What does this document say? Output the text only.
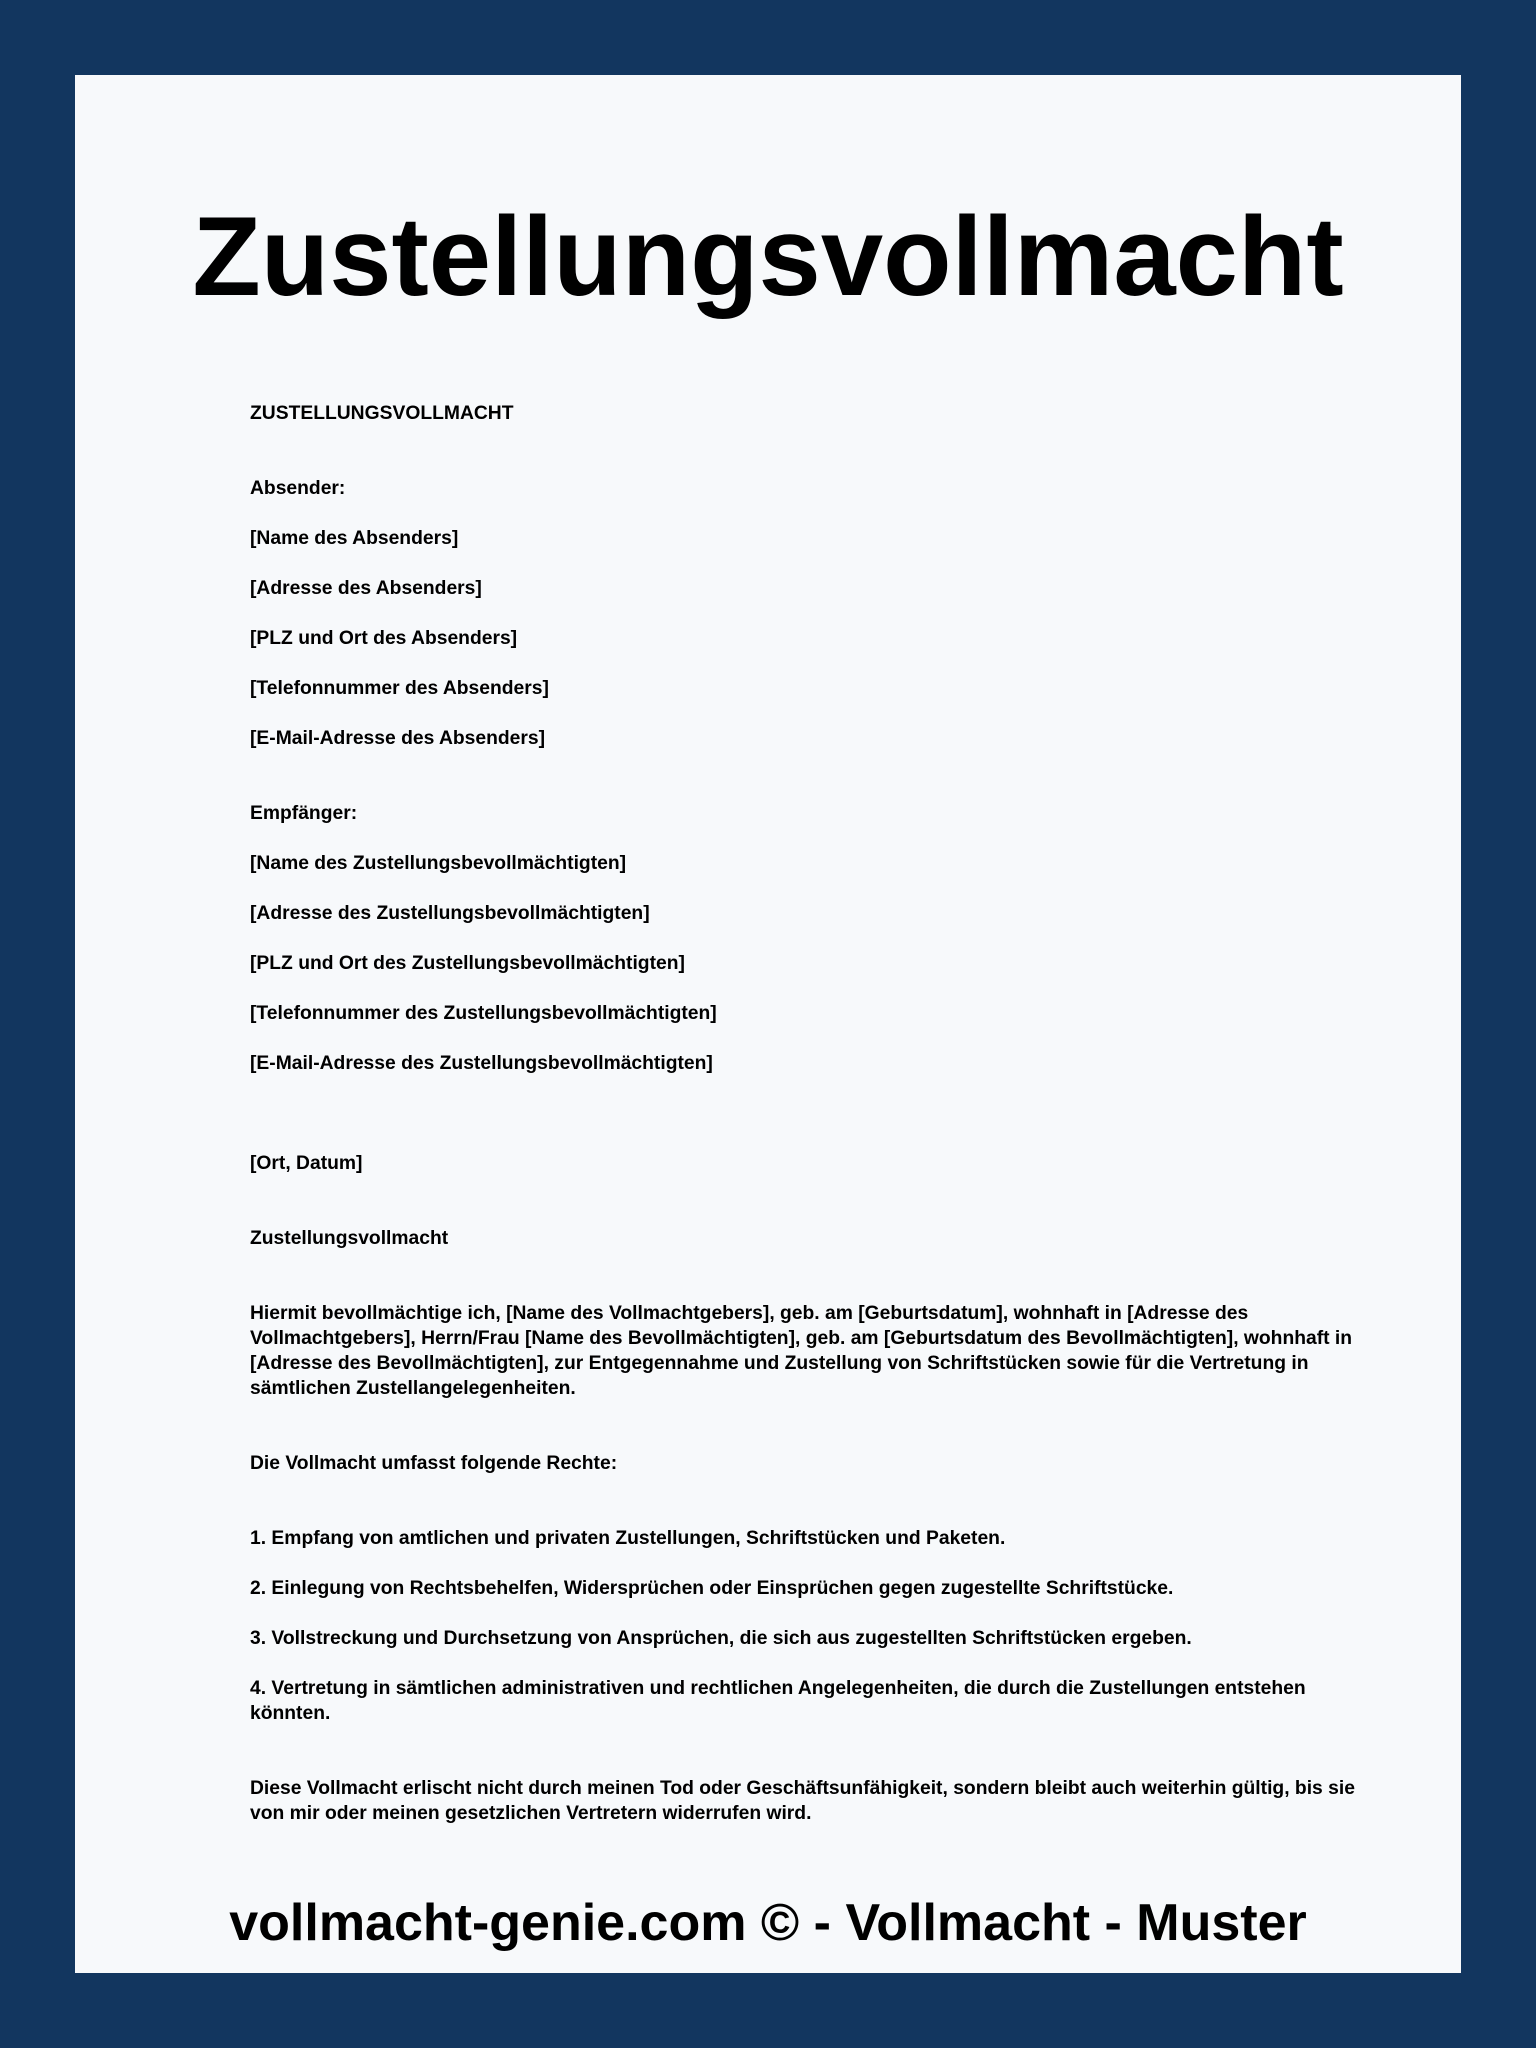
Zustellungsvollmacht

ZUSTELLUNGSVOLLMACHT

Absender:

[Name des Absenders]

[Adresse des Absenders]

[PLZ und Ort des Absenders]

[Telefonnummer des Absenders]

[E-Mail-Adresse des Absenders]

Empfänger:

[Name des Zustellungsbevollmächtigten]

[Adresse des Zustellungsbevollmächtigten]

[PLZ und Ort des Zustellungsbevollmächtigten]

[Telefonnummer des Zustellungsbevollmächtigten]

[E-Mail-Adresse des Zustellungsbevollmächtigten]

[Ort, Datum]

Zustellungsvollmacht

Hiermit bevollmächtige ich, [Name des Vollmachtgebers], geb. am [Geburtsdatum], wohnhaft in [Adresse des Vollmachtgebers], Herrn/Frau [Name des Bevollmächtigten], geb. am [Geburtsdatum des Bevollmächtigten], wohnhaft in [Adresse des Bevollmächtigten], zur Entgegennahme und Zustellung von Schriftstücken sowie für die Vertretung in sämtlichen Zustellangelegenheiten.

Die Vollmacht umfasst folgende Rechte:

1. Empfang von amtlichen und privaten Zustellungen, Schriftstücken und Paketen.

2. Einlegung von Rechtsbehelfen, Widersprüchen oder Einsprüchen gegen zugestellte Schriftstücke.

3. Vollstreckung und Durchsetzung von Ansprüchen, die sich aus zugestellten Schriftstücken ergeben.

4. Vertretung in sämtlichen administrativen und rechtlichen Angelegenheiten, die durch die Zustellungen entstehen könnten.

Diese Vollmacht erlischt nicht durch meinen Tod oder Geschäftsunfähigkeit, sondern bleibt auch weiterhin gültig, bis sie von mir oder meinen gesetzlichen Vertretern widerrufen wird.

vollmacht-genie.com © - Vollmacht - Muster
